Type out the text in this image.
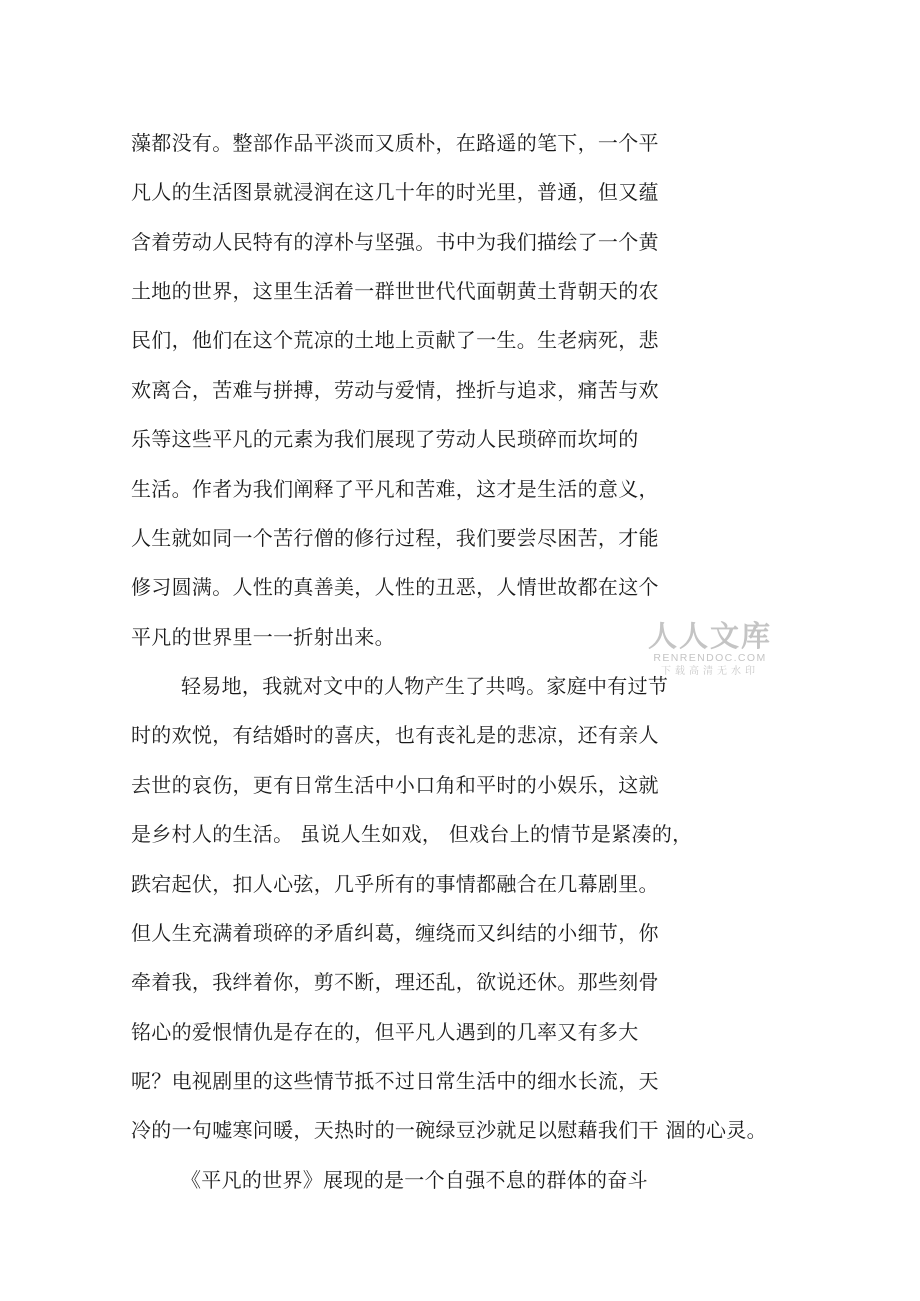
藻都没有。整部作品平淡而又质朴，在路遥的笔下，一个平
凡人的生活图景就浸润在这几十年的时光里，普通，但又蕴
含着劳动人民特有的淳朴与坚强。书中为我们描绘了一个黄
土地的世界，这里生活着一群世世代代面朝黄土背朝天的农
民们，他们在这个荒凉的土地上贡献了一生。生老病死，悲
欢离合，苦难与拼搏，劳动与爱情，挫折与追求，痛苦与欢
乐等这些平凡的元素为我们展现了劳动人民琐碎而坎坷的
生活。作者为我们阐释了平凡和苦难，这才是生活的意义，
人生就如同一个苦行僧的修行过程，我们要尝尽困苦，才能
修习圆满。人性的真善美，人性的丑恶，人情世故都在这个
平凡的世界里一一折射出来。
轻易地，我就对文中的人物产生了共鸣。家庭中有过节
时的欢悦，有结婚时的喜庆，也有丧礼是的悲凉，还有亲人
去世的哀伤，更有日常生活中小口角和平时的小娱乐，这就
是乡村人的生活。 虽说人生如戏， 但戏台上的情节是紧凑的，
跌宕起伏，扣人心弦，几乎所有的事情都融合在几幕剧里。
但人生充满着琐碎的矛盾纠葛，缠绕而又纠结的小细节，你
牵着我，我绊着你，剪不断，理还乱，欲说还休。那些刻骨
铭心的爱恨情仇是存在的，但平凡人遇到的几率又有多大
呢？电视剧里的这些情节抵不过日常生活中的细水长流，天
冷的一句嘘寒问暖，天热时的一碗绿豆沙就足以慰藉我们干 涸的心灵。
《平凡的世界》展现的是一个自强不息的群体的奋斗
人人文库
RENRENDOC.COM
下载高清无水印
